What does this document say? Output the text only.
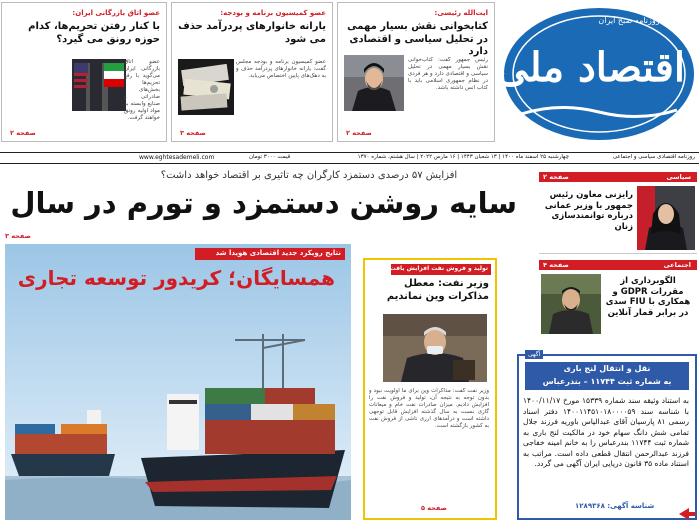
روزنامه صبح ایران
اقتصاد ملی
آیت‌الله رئیسی:
کتابخوانی نقش بسیار مهمی در تحلیل سیاسی و اقتصادی دارد
رئیس جمهور گفت: کتاب‌خوانی نقش بسیار مهمی در تحلیل سیاسی و اقتصادی دارد و هر فردی در نظام جمهوری اسلامی باید با کتاب انس داشته باشد.
صفحه ۲
عضو کمیسیون برنامه و بودجه:
یارانه خانوارهای پردرآمد حذف می شود
عضو کمیسیون برنامه و بودجه مجلس گفت: یارانه خانوارهای پردرآمد حذف و به دهک‌های پایین اختصاص می‌یابد.
صفحه ۳
عضو اتاق بازرگانی ایران:
با کنار رفتن تحریم‌ها، کدام حوزه رونق می گیرد؟
عضو اتاق بازرگانی ایران می‌گوید با رفع تحریم‌ها بخش‌های صادراتی و صنایع وابسته به مواد اولیه رونق خواهند گرفت.
صفحه ۲
روزنامه اقتصادی سیاسی و اجتماعی
چهارشنبه ۲۵ اسفند ماه ۱۴۰۰ | ۱۳ شعبان ۱۴۴۳ | ۱۶ مارس ۲۰۲۲ | سال هشتم، شماره ۱۳۷۰
قیمت ۳۰۰۰ تومان
www.eghtesademeli.com
افزایش ۵۷ درصدی دستمزد کارگران چه تاثیری بر اقتصاد خواهد داشت؟
سایه روشن دستمزد و تورم در سال
صفحه ۳
سیاسی
صفحه ۲
رایزنی معاون رئیس جمهور با وزیر عمانی درباره توانمندسازی زنان
اجتماعی
صفحه ۴
الگوبرداری از مقررات GDPR و همکاری با FIU سدی در برابر قمار آنلاین
نتایج رویکرد جدید اقتصادی هویدا شد
همسایگان؛ کریدور توسعه تجاری	تولید و فروش نفت افزایش یافت
وزیر نفت: معطل مذاکرات وین نماندیم
وزیر نفت گفت: مذاکرات وین برای ما اولویت نبود و بدون توجه به نتیجه آن، تولید و فروش نفت را افزایش دادیم. میزان صادرات نفت خام و میعانات گازی نسبت به سال گذشته افزایش قابل توجهی داشته است و درآمدهای ارزی ناشی از فروش نفت به کشور بازگشته است.
صفحه ۵
آگهی
نقل و انتقال لنج باری
به شماره ثبت ۱۱۷۴۴ – بندرعباس
به استناد وثیقه سند شماره ۱۵۳۳۹ مورخ ۱۴۰۰/۱۱/۱۷ با شناسه سند ۱۴۰۰۱۱۴۵۱۰۱۸۰۰۰۰۵۹ دفتر اسناد رسمی ۸۱ پارسیان آقای عبدالیاس باوریه فرزند جلال تمامی شش دانگ سهام خود در مالکیت لنج باری به شماره ثبت ۱۱۷۴۴ بندرعباس را به خانم امینه خفاجی فرزند عبدالرحمن انتقال قطعی داده است. مراتب به استناد ماده ۳۵ قانون دریایی ایران آگهی می گردد.
شناسه آگهی: ۱۲۸۹۳۶۸
